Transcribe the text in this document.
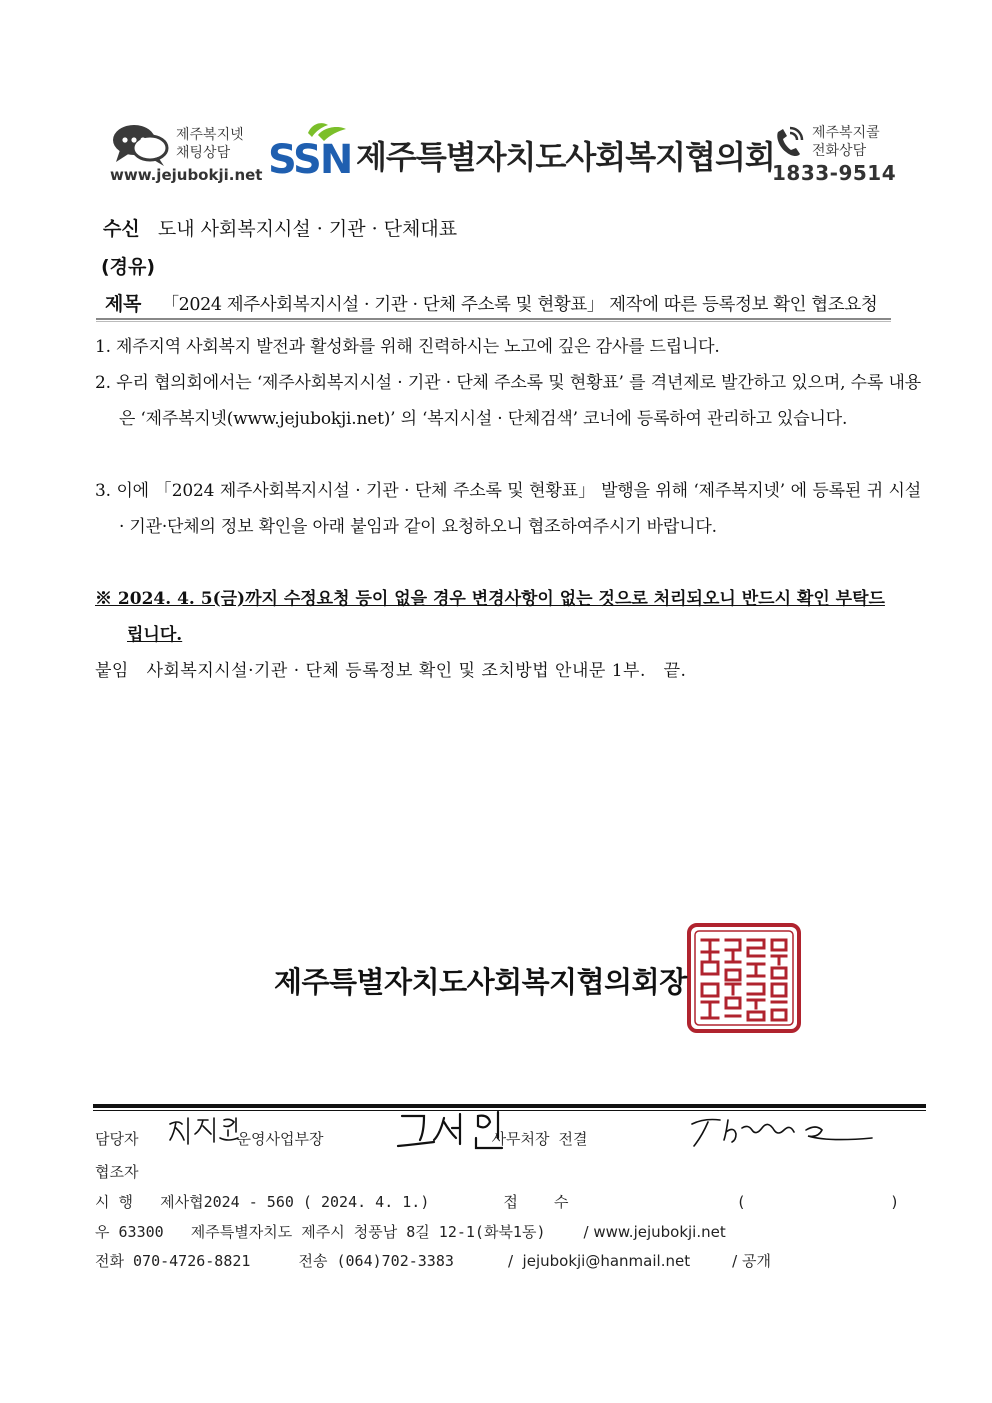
제주복지넷
채팅상담
www.jejubokji.net SSN 제주특별자치도사회복지협의회
제주복지콜
전화상담
1833-9514
수신 도내 사회복지시설 · 기관 · 단체대표
(경유)
제목 「2024 제주사회복지시설 · 기관 · 단체 주소록 및 현황표」 제작에 따른 등록정보 확인 협조요청
1. 제주지역 사회복지 발전과 활성화를 위해 진력하시는 노고에 깊은 감사를 드립니다.
2. 우리 협의회에서는 ‘제주사회복지시설 · 기관 · 단체 주소록 및 현황표’ 를 격년제로 발간하고 있으며, 수록 내용은 ‘제주복지넷(www.jejubokji.net)’ 의 ‘복지시설 · 단체검색’ 코너에 등록하여 관리하고 있습니다.
3. 이에 「2024 제주사회복지시설 · 기관 · 단체 주소록 및 현황표」 발행을 위해 ‘제주복지넷’ 에 등록된 귀 시설 · 기관·단체의 정보 확인을 아래 붙임과 같이 요청하오니 협조하여주시기 바랍니다.
※ 2024. 4. 5(금)까지 수정요청 등이 없을 경우 변경사항이 없는 것으로 처리되오니 반드시 확인 부탁드립니다.
붙임   사회복지시설·기관 · 단체 등록정보 확인 및 조치방법 안내문 1부.   끝.
제주특별자치도사회복지협의회장
담당자	운영사업부장	사무처장 전결
정지원
고성민
Thom
협조자
시 행 제사협2024 - 560 ( 2024. 4. 1.)	접    수	(                )
우 63300 제주특별자치도 제주시 청풍남 8길 12-1(화북1동)	/ www.jejubokji.net
전화 070-4726-8821	전송 (064)702-3383	/  jejubokji@hanmail.net	/ 공개
